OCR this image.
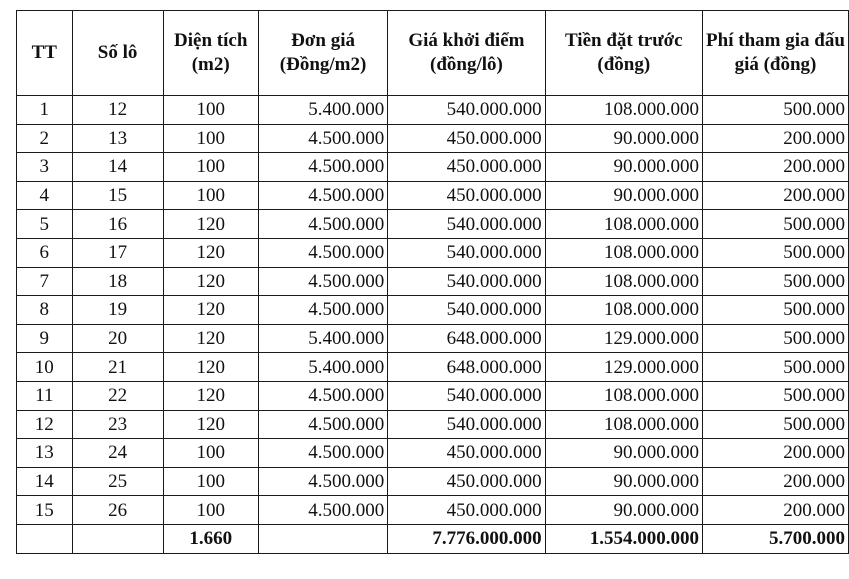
TT	Số lô	Diện tích (m2)	Đơn giá (Đồng/m2)	Giá khởi điểm (đồng/lô)	Tiền đặt trước (đồng)	Phí tham gia đấu giá (đồng)
1	12	100	5.400.000	540.000.000	108.000.000	500.000
2	13	100	4.500.000	450.000.000	90.000.000	200.000
3	14	100	4.500.000	450.000.000	90.000.000	200.000
4	15	100	4.500.000	450.000.000	90.000.000	200.000
5	16	120	4.500.000	540.000.000	108.000.000	500.000
6	17	120	4.500.000	540.000.000	108.000.000	500.000
7	18	120	4.500.000	540.000.000	108.000.000	500.000
8	19	120	4.500.000	540.000.000	108.000.000	500.000
9	20	120	5.400.000	648.000.000	129.000.000	500.000
10	21	120	5.400.000	648.000.000	129.000.000	500.000
11	22	120	4.500.000	540.000.000	108.000.000	500.000
12	23	120	4.500.000	540.000.000	108.000.000	500.000
13	24	100	4.500.000	450.000.000	90.000.000	200.000
14	25	100	4.500.000	450.000.000	90.000.000	200.000
15	26	100	4.500.000	450.000.000	90.000.000	200.000
		1.660		7.776.000.000	1.554.000.000	5.700.000
